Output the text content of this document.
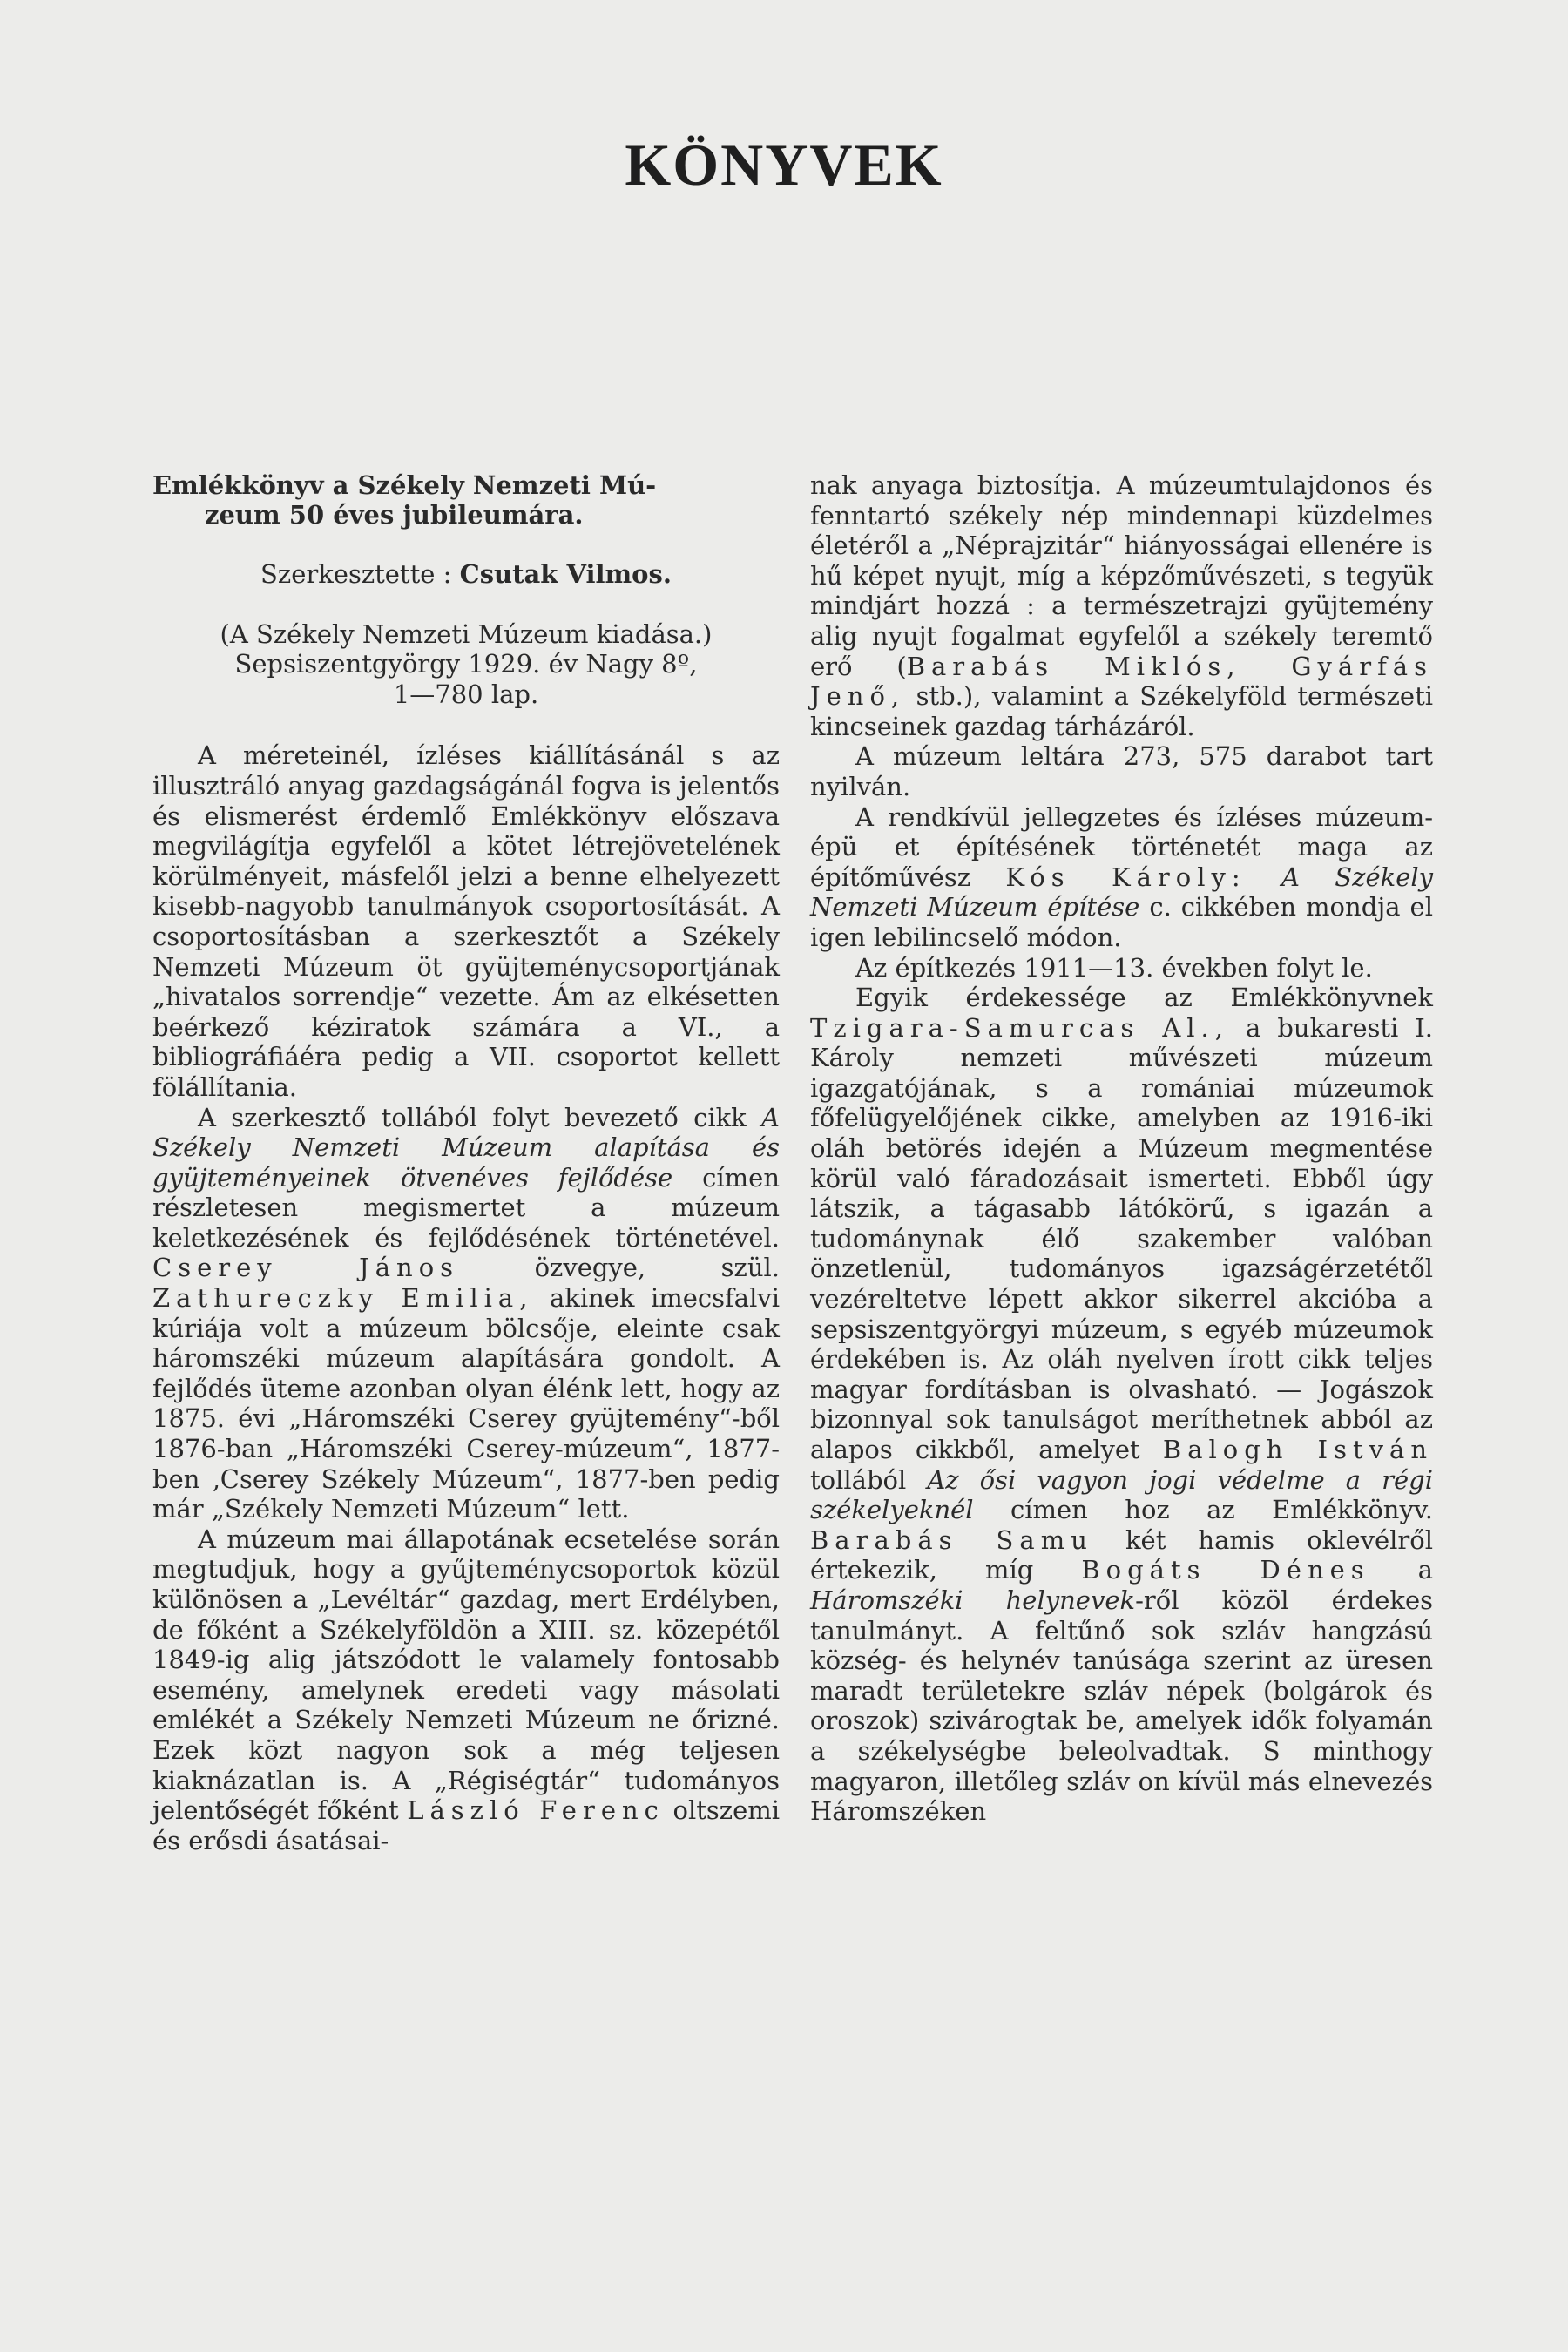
KÖNYVEK
Emlékkönyv a Székely Nemzeti Mú-
zeum 50 éves jubileumára.
Szerkesztette : Csutak Vilmos.
(A Székely Nemzeti Múzeum kiadása.)
Sepsiszentgyörgy 1929. év Nagy 8º,
1—780 lap.

A méreteinél, ízléses kiállításánál s az illusztráló anyag gazdagságánál fogva is jelentős és elismerést érdemlő Emlékkönyv előszava megvilágítja egyfelől a kötet létrejövetelének körülményeit, másfelől jelzi a benne elhelyezett kisebb-nagyobb tanulmányok csoportosítását. A csoportosításban a szerkesztőt a Székely Nemzeti Múzeum öt gyüjteménycsoportjának „hivatalos sorrendje“ vezette. Ám az elkésetten beérkező kéziratok számára a VI., a bibliográfiáéra pedig a VII. csoportot kellett fölállítania.

A szerkesztő tollából folyt bevezető cikk A Székely Nemzeti Múzeum alapítása és gyüjteményeinek ötvenéves fejlődése címen részletesen megismertet a múzeum keletkezésének és fejlődésének történetével. Cserey János	özvegye, szül. Zathureczky Emilia, akinek imecsfalvi kúriája volt a múzeum bölcsője, eleinte csak háromszéki múzeum alapítására gondolt. A fejlődés üteme azonban olyan élénk lett, hogy az 1875. évi „Háromszéki Cserey gyüjtemény“-ből 1876-ban „Háromszéki Cserey-múzeum“, 1877-ben ‚Cserey Székely Múzeum“, 1877-ben pedig már „Székely Nemzeti Múzeum“ lett.

A múzeum mai állapotának ecsetelése során megtudjuk, hogy a gyűjteménycsoportok közül különösen a „Levéltár“ gazdag, mert Erdélyben, de főként a Székelyföldön a XIII. sz. közepétől 1849-ig alig játszódott le valamely fontosabb esemény, amelynek eredeti vagy másolati emlékét a Székely Nemzeti Múzeum ne őrizné. Ezek közt nagyon sok a még teljesen kiaknázatlan is. A „Régiségtár“ tudományos jelentőségét főként László Ferenc oltszemi és erősdi ásatásai-

nak anyaga biztosítja. A múzeumtulajdonos és fenntartó székely nép mindennapi küzdelmes életéről a „Néprajzitár“ hiányosságai ellenére is hű képet nyujt, míg a képzőművészeti, s tegyük mindjárt hozzá : a természetrajzi gyüjtemény alig nyujt fogalmat egyfelől a székely teremtő erő (Barabás Miklós, Gyárfás Jenő, stb.), valamint a Székelyföld természeti kincseinek gazdag tárházáról.

A múzeum leltára 273, 575 darabot tart nyilván.

A rendkívül jellegzetes és ízléses múzeum-épü et építésének történetét maga az építőművész Kós Károly: A Székely Nemzeti Múzeum építése c. cikkében mondja el igen lebilincselő módon.

Az építkezés 1911—13. években folyt le.

Egyik érdekessége az Emlékkönyvnek Tzigara-Samurcas Al., a bukaresti I. Károly nemzeti művészeti múzeum igazgatójának, s a romániai múzeumok főfelügyelőjének cikke, amelyben az 1916-iki oláh betörés idején a Múzeum megmentése körül való fáradozásait ismerteti. Ebből úgy látszik, a tágasabb látókörű, s igazán a tudománynak élő szakember valóban önzetlenül, tudományos igazságérzetétől vezéreltetve lépett akkor sikerrel akcióba a sepsiszentgyörgyi múzeum, s egyéb múzeumok érdekében is. Az oláh nyelven írott cikk teljes magyar fordításban is olvasható. — Jogászok bizonnyal sok tanulságot meríthetnek abból az alapos cikkből, amelyet Balogh István tollából Az ősi vagyon jogi védelme a régi székelyeknél címen hoz az Emlékkönyv. Barabás Samu két hamis oklevélről értekezik, míg Bogáts Dénes a Háromszéki helynevek-ről közöl érdekes tanulmányt. A feltűnő sok szláv hangzású község- és helynév tanúsága szerint az üresen maradt területekre szláv népek (bolgárok és oroszok) szivárogtak be, amelyek idők folyamán a székelységbe beleolvadtak. S minthogy magyaron, illetőleg szláv on kívül más elnevezés Háromszéken
